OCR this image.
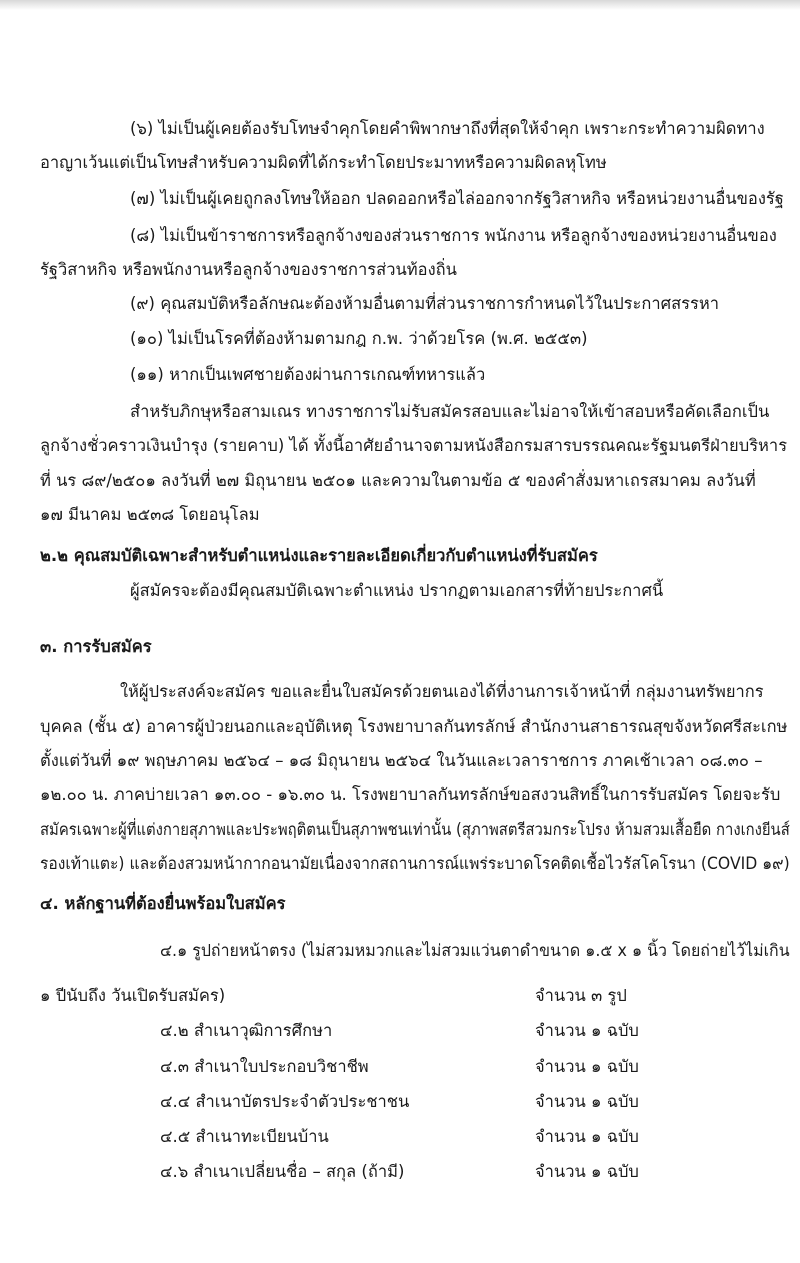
(๖) ไม่เป็นผู้เคยต้องรับโทษจำคุกโดยคำพิพากษาถึงที่สุดให้จำคุก เพราะกระทำความผิดทาง
อาญาเว้นแต่เป็นโทษสำหรับความผิดที่ได้กระทำโดยประมาทหรือความผิดลหุโทษ
(๗) ไม่เป็นผู้เคยถูกลงโทษให้ออก ปลดออกหรือไล่ออกจากรัฐวิสาหกิจ หรือหน่วยงานอื่นของรัฐ
(๘) ไม่เป็นข้าราชการหรือลูกจ้างของส่วนราชการ พนักงาน หรือลูกจ้างของหน่วยงานอื่นของ
รัฐวิสาหกิจ หรือพนักงานหรือลูกจ้างของราชการส่วนท้องถิ่น
(๙) คุณสมบัติหรือลักษณะต้องห้ามอื่นตามที่ส่วนราชการกำหนดไว้ในประกาศสรรหา
(๑๐) ไม่เป็นโรคที่ต้องห้ามตามกฎ ก.พ. ว่าด้วยโรค (พ.ศ. ๒๕๕๓)
(๑๑) หากเป็นเพศชายต้องผ่านการเกณฑ์ทหารแล้ว
สำหรับภิกษุหรือสามเณร ทางราชการไม่รับสมัครสอบและไม่อาจให้เข้าสอบหรือคัดเลือกเป็น
ลูกจ้างชั่วคราวเงินบำรุง (รายคาบ) ได้ ทั้งนี้อาศัยอำนาจตามหนังสือกรมสารบรรณคณะรัฐมนตรีฝ่ายบริหาร
ที่ นร ๘๙/๒๕๐๑ ลงวันที่ ๒๗ มิถุนายน ๒๕๐๑ และความในตามข้อ ๕ ของคำสั่งมหาเถรสมาคม ลงวันที่
๑๗ มีนาคม ๒๕๓๘ โดยอนุโลม
๒.๒ คุณสมบัติเฉพาะสำหรับตำแหน่งและรายละเอียดเกี่ยวกับตำแหน่งที่รับสมัคร
ผู้สมัครจะต้องมีคุณสมบัติเฉพาะตำแหน่ง ปรากฏตามเอกสารที่ท้ายประกาศนี้
๓. การรับสมัคร
ให้ผู้ประสงค์จะสมัคร ขอและยื่นใบสมัครด้วยตนเองได้ที่งานการเจ้าหน้าที่ กลุ่มงานทรัพยากร
บุคคล (ชั้น ๕) อาคารผู้ป่วยนอกและอุบัติเหตุ โรงพยาบาลกันทรลักษ์ สำนักงานสาธารณสุขจังหวัดศรีสะเกษ
ตั้งแต่วันที่ ๑๙ พฤษภาคม ๒๕๖๔ – ๑๘ มิถุนายน ๒๕๖๔ ในวันและเวลาราชการ ภาคเช้าเวลา ๐๘.๓๐ –
๑๒.๐๐ น. ภาคบ่ายเวลา ๑๓.๐๐ - ๑๖.๓๐ น. โรงพยาบาลกันทรลักษ์ขอสงวนสิทธิ์ในการรับสมัคร โดยจะรับ
สมัครเฉพาะผู้ที่แต่งกายสุภาพและประพฤติตนเป็นสุภาพชนเท่านั้น (สุภาพสตรีสวมกระโปรง ห้ามสวมเสื้อยืด กางเกงยีนส์
รองเท้าแตะ) และต้องสวมหน้ากากอนามัยเนื่องจากสถานการณ์แพร่ระบาดโรคติดเชื้อไวรัสโคโรนา (COVID ๑๙)
๔. หลักฐานที่ต้องยื่นพร้อมใบสมัคร
๔.๑ รูปถ่ายหน้าตรง (ไม่สวมหมวกและไม่สวมแว่นตาดำขนาด ๑.๕ x ๑ นิ้ว โดยถ่ายไว้ไม่เกิน
๑ ปีนับถึง วันเปิดรับสมัคร)	จำนวน ๓ รูป
๔.๒ สำเนาวุฒิการศึกษา	จำนวน ๑ ฉบับ
๔.๓ สำเนาใบประกอบวิชาชีพ	จำนวน ๑ ฉบับ
๔.๔ สำเนาบัตรประจำตัวประชาชน	จำนวน ๑ ฉบับ
๔.๕ สำเนาทะเบียนบ้าน	จำนวน ๑ ฉบับ
๔.๖ สำเนาเปลี่ยนชื่อ – สกุล (ถ้ามี)	จำนวน ๑ ฉบับ
